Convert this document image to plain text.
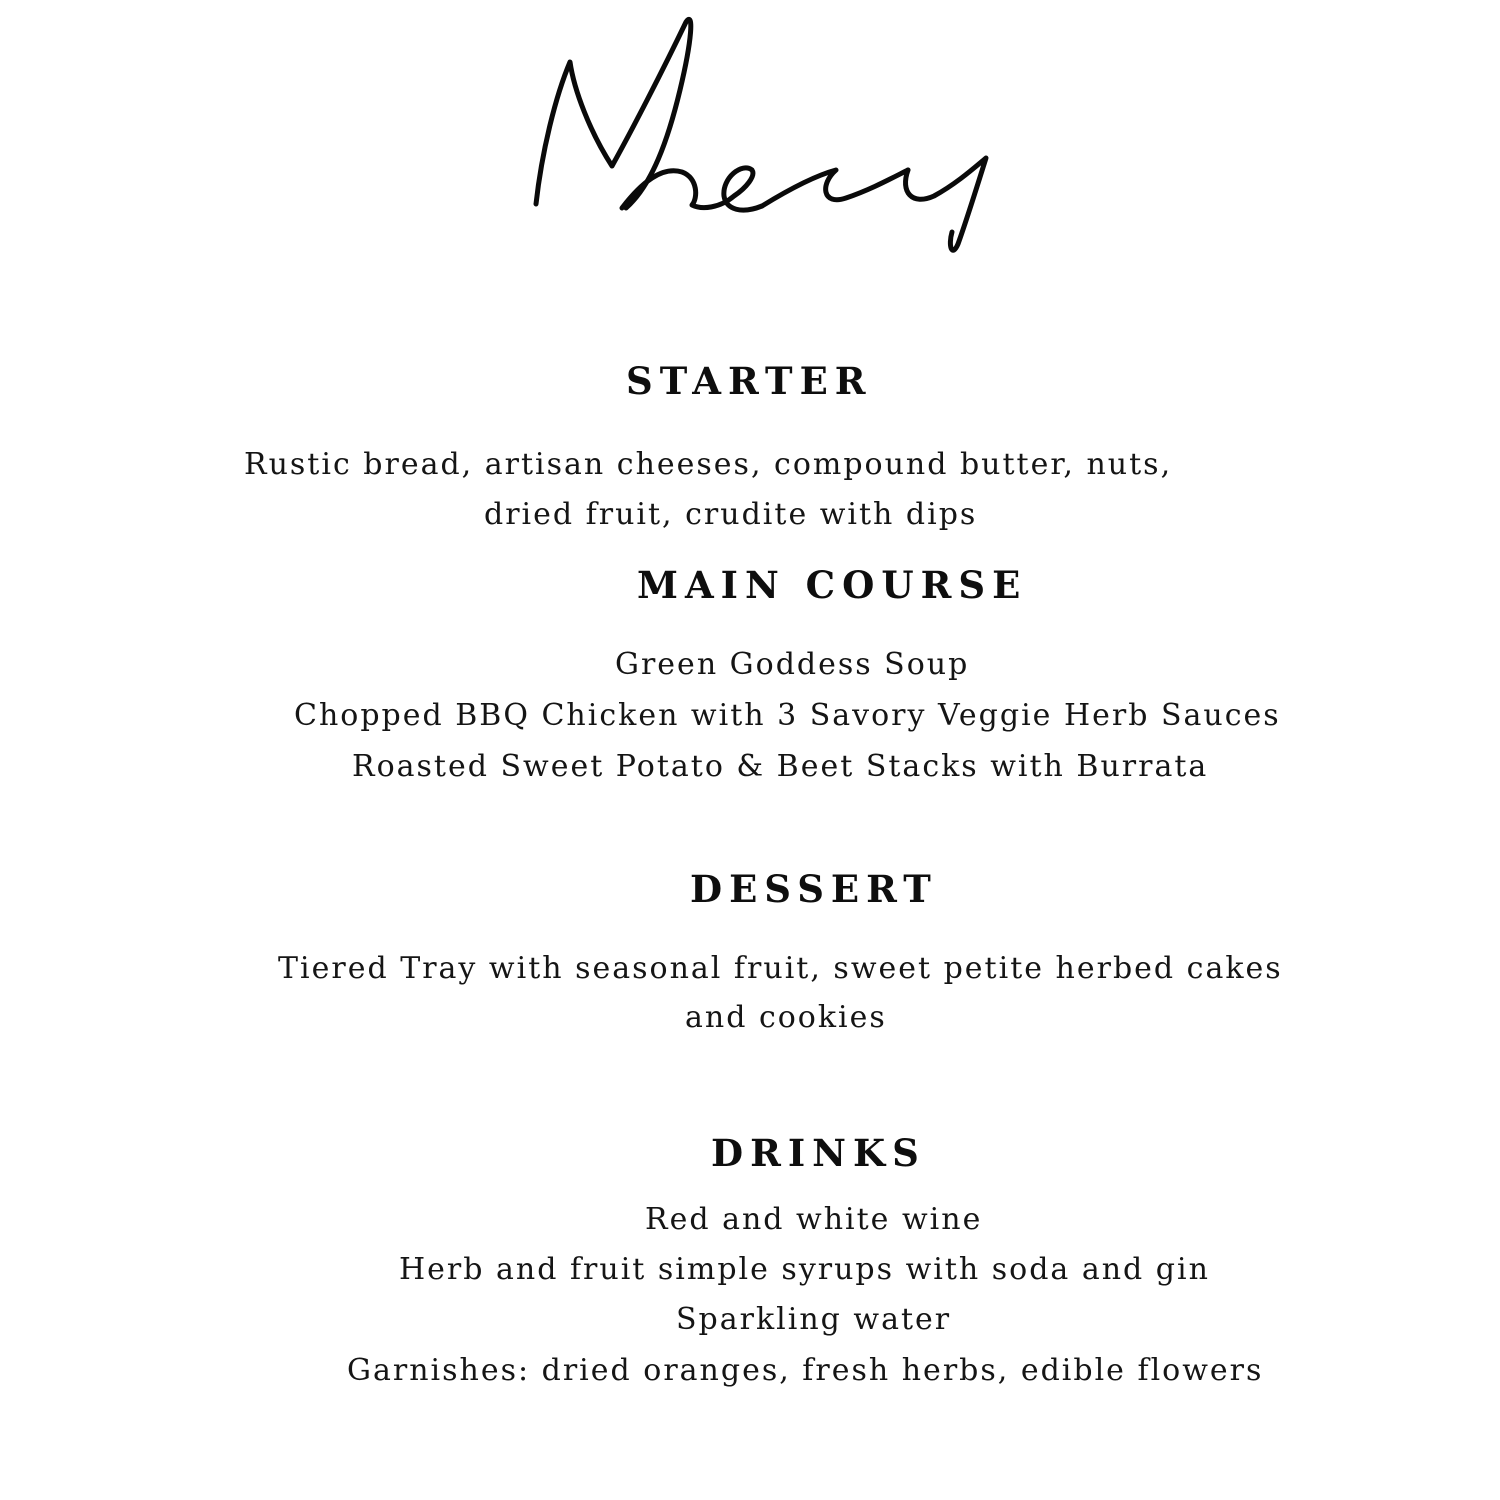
STARTER

Rustic bread, artisan cheeses, compound butter, nuts,

dried fruit, crudite with dips

MAIN COURSE

Green Goddess Soup

Chopped BBQ Chicken with 3 Savory Veggie Herb Sauces

Roasted Sweet Potato & Beet Stacks with Burrata

DESSERT

Tiered Tray with seasonal fruit, sweet petite herbed cakes

and cookies

DRINKS

Red and white wine

Herb and fruit simple syrups with soda and gin

Sparkling water

Garnishes: dried oranges, fresh herbs, edible flowers
